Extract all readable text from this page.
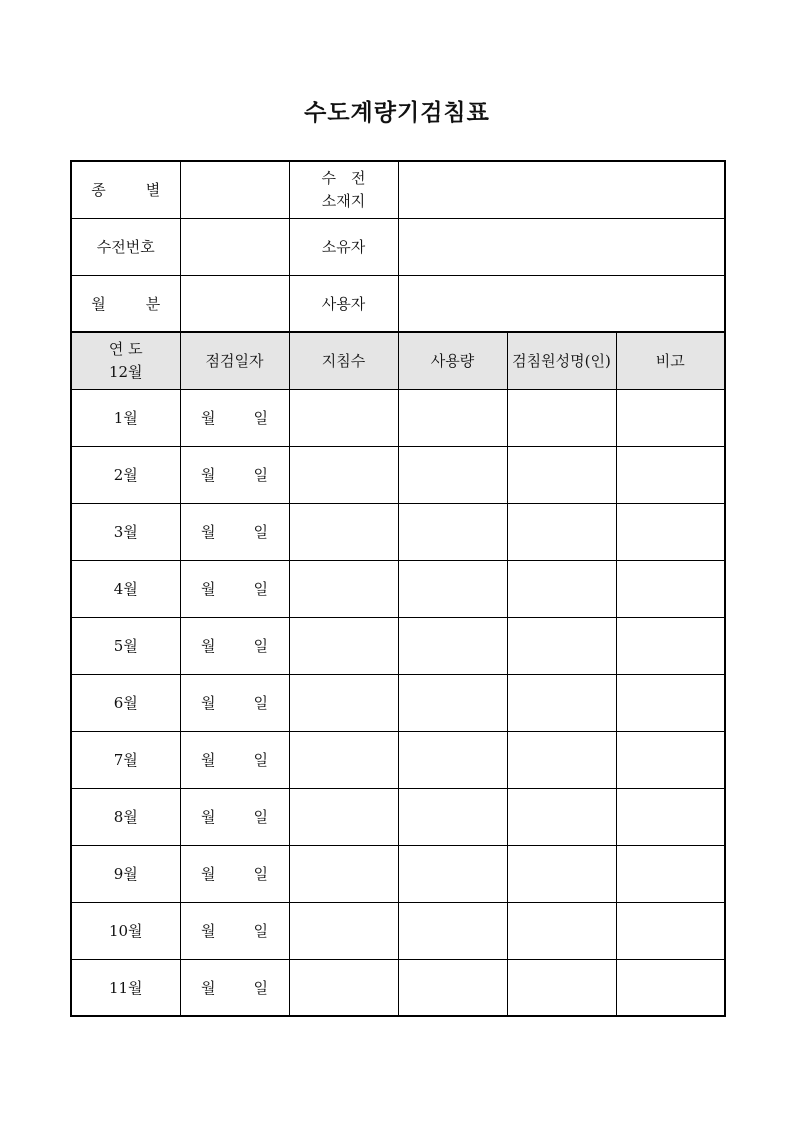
수도계량기검침표
종 별		수　전
소재지			

수전번호		소유자			
월 분		사용자			

연 도
12월	점검일자	지침수	사용량	검침원성명(인)	비고
1월	월 일				
2월	월 일				
3월	월 일				
4월	월 일				
5월	월 일				
6월	월 일				
7월	월 일				
8월	월 일				
9월	월 일				
10월	월 일				
11월	월 일				
